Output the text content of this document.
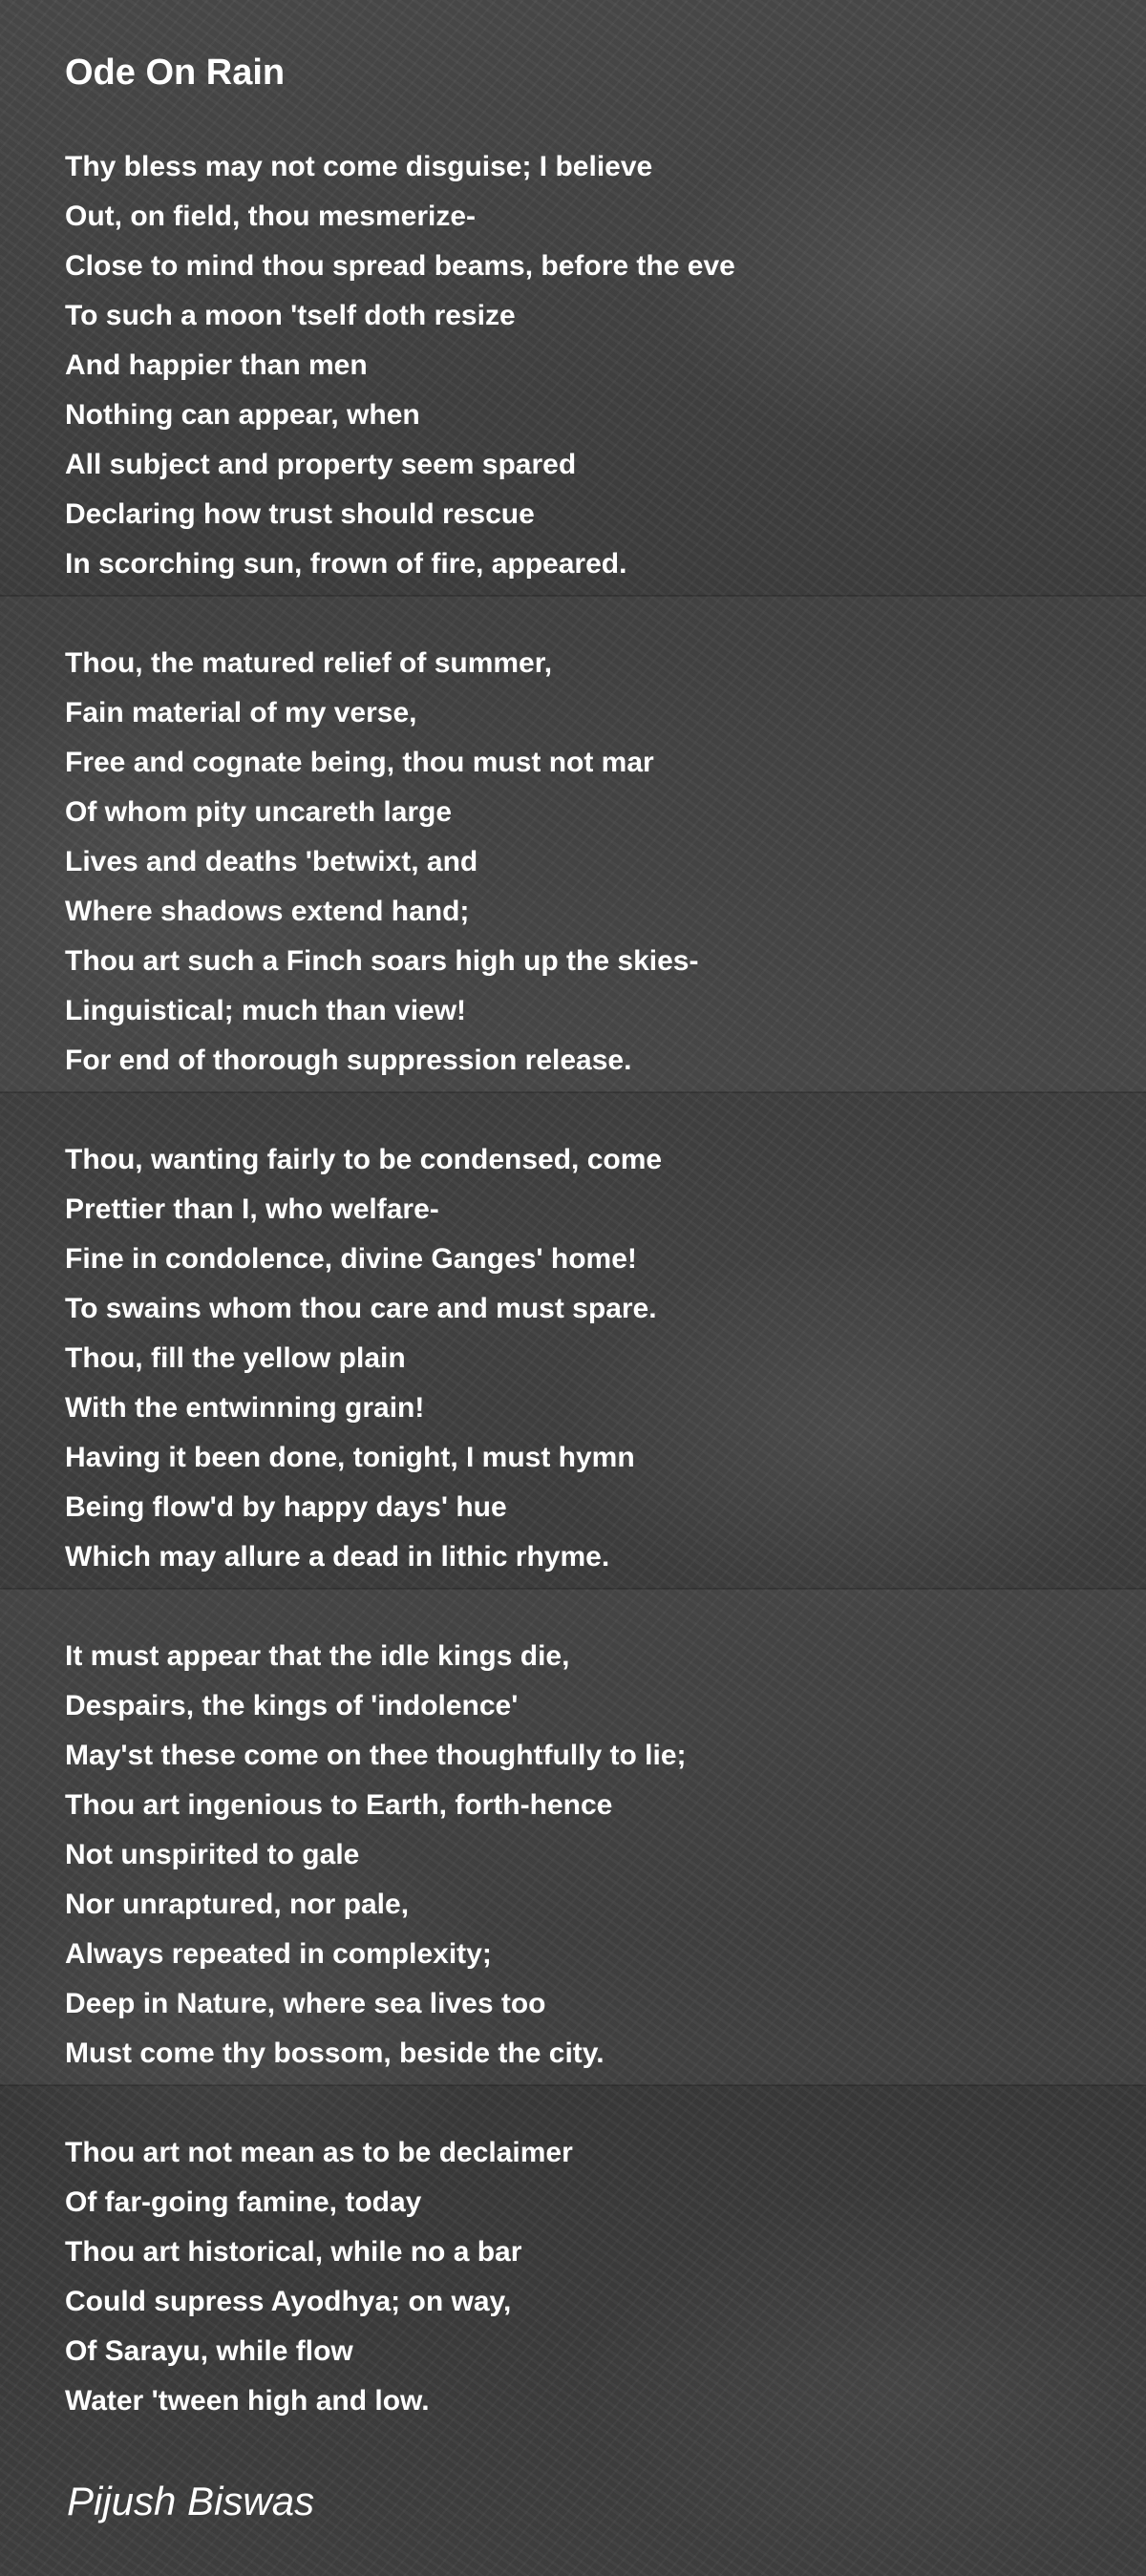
Ode On Rain
Thy bless may not come disguise; I believe
Out, on field, thou mesmerize-
Close to mind thou spread beams, before the eve
To such a moon 'tself doth resize
And happier than men
Nothing can appear, when
All subject and property seem spared
Declaring how trust should rescue
In scorching sun, frown of fire, appeared.
Thou, the matured relief of summer,
Fain material of my verse,
Free and cognate being, thou must not mar
Of whom pity uncareth large
Lives and deaths 'betwixt, and
Where shadows extend hand;
Thou art such a Finch soars high up the skies-
Linguistical; much than view!
For end of thorough suppression release.
Thou, wanting fairly to be condensed, come
Prettier than I, who welfare-
Fine in condolence, divine Ganges' home!
To swains whom thou care and must spare.
Thou, fill the yellow plain
With the entwinning grain!
Having it been done, tonight, I must hymn
Being flow'd by happy days' hue
Which may allure a dead in lithic rhyme.
It must appear that the idle kings die,
Despairs, the kings of 'indolence'
May'st these come on thee thoughtfully to lie;
Thou art ingenious to Earth, forth-hence
Not unspirited to gale
Nor unraptured, nor pale,
Always repeated in complexity;
Deep in Nature, where sea lives too
Must come thy bossom, beside the city.
Thou art not mean as to be declaimer
Of far-going famine, today
Thou art historical, while no a bar
Could supress Ayodhya; on way,
Of Sarayu, while flow
Water 'tween high and low.

Pijush Biswas
